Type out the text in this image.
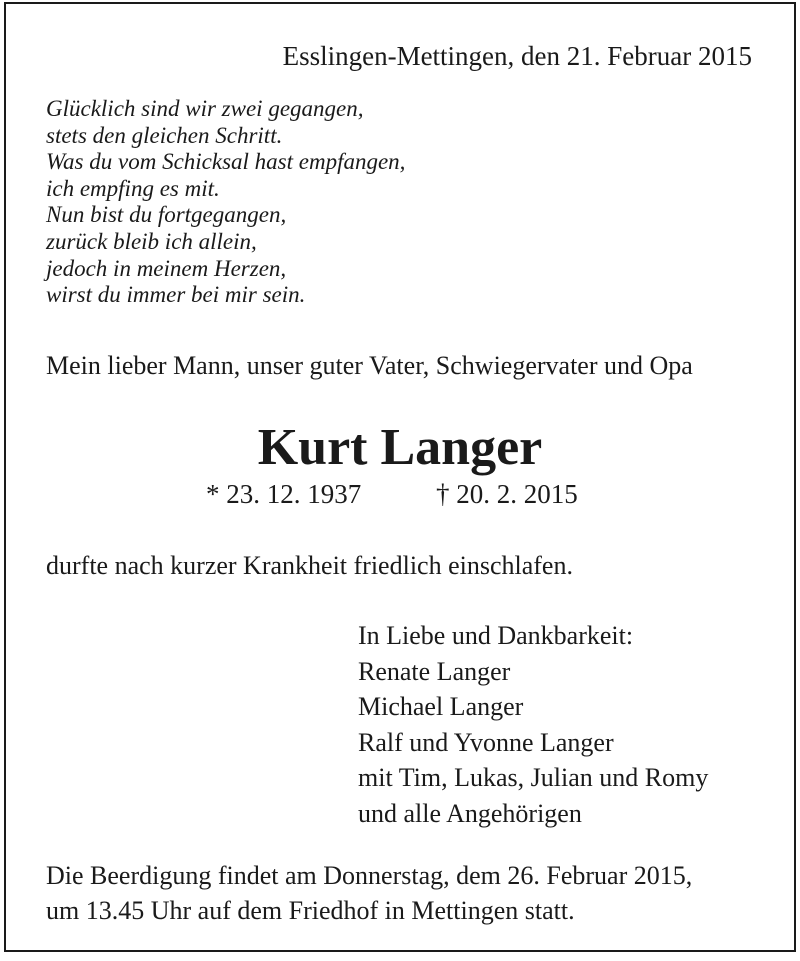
Esslingen-Mettingen, den 21. Februar 2015
Glücklich sind wir zwei gegangen,
stets den gleichen Schritt.
Was du vom Schicksal hast empfangen,
ich empfing es mit.
Nun bist du fortgegangen,
zurück bleib ich allein,
jedoch in meinem Herzen,
wirst du immer bei mir sein.
Mein lieber Mann, unser guter Vater, Schwiegervater und Opa
Kurt Langer
* 23. 12. 1937	† 20. 2. 2015
durfte nach kurzer Krankheit friedlich einschlafen.
In Liebe und Dankbarkeit:
Renate Langer
Michael Langer
Ralf und Yvonne Langer
mit Tim, Lukas, Julian und Romy
und alle Angehörigen
Die Beerdigung findet am Donnerstag, dem 26. Februar 2015,
um 13.45 Uhr auf dem Friedhof in Mettingen statt.
